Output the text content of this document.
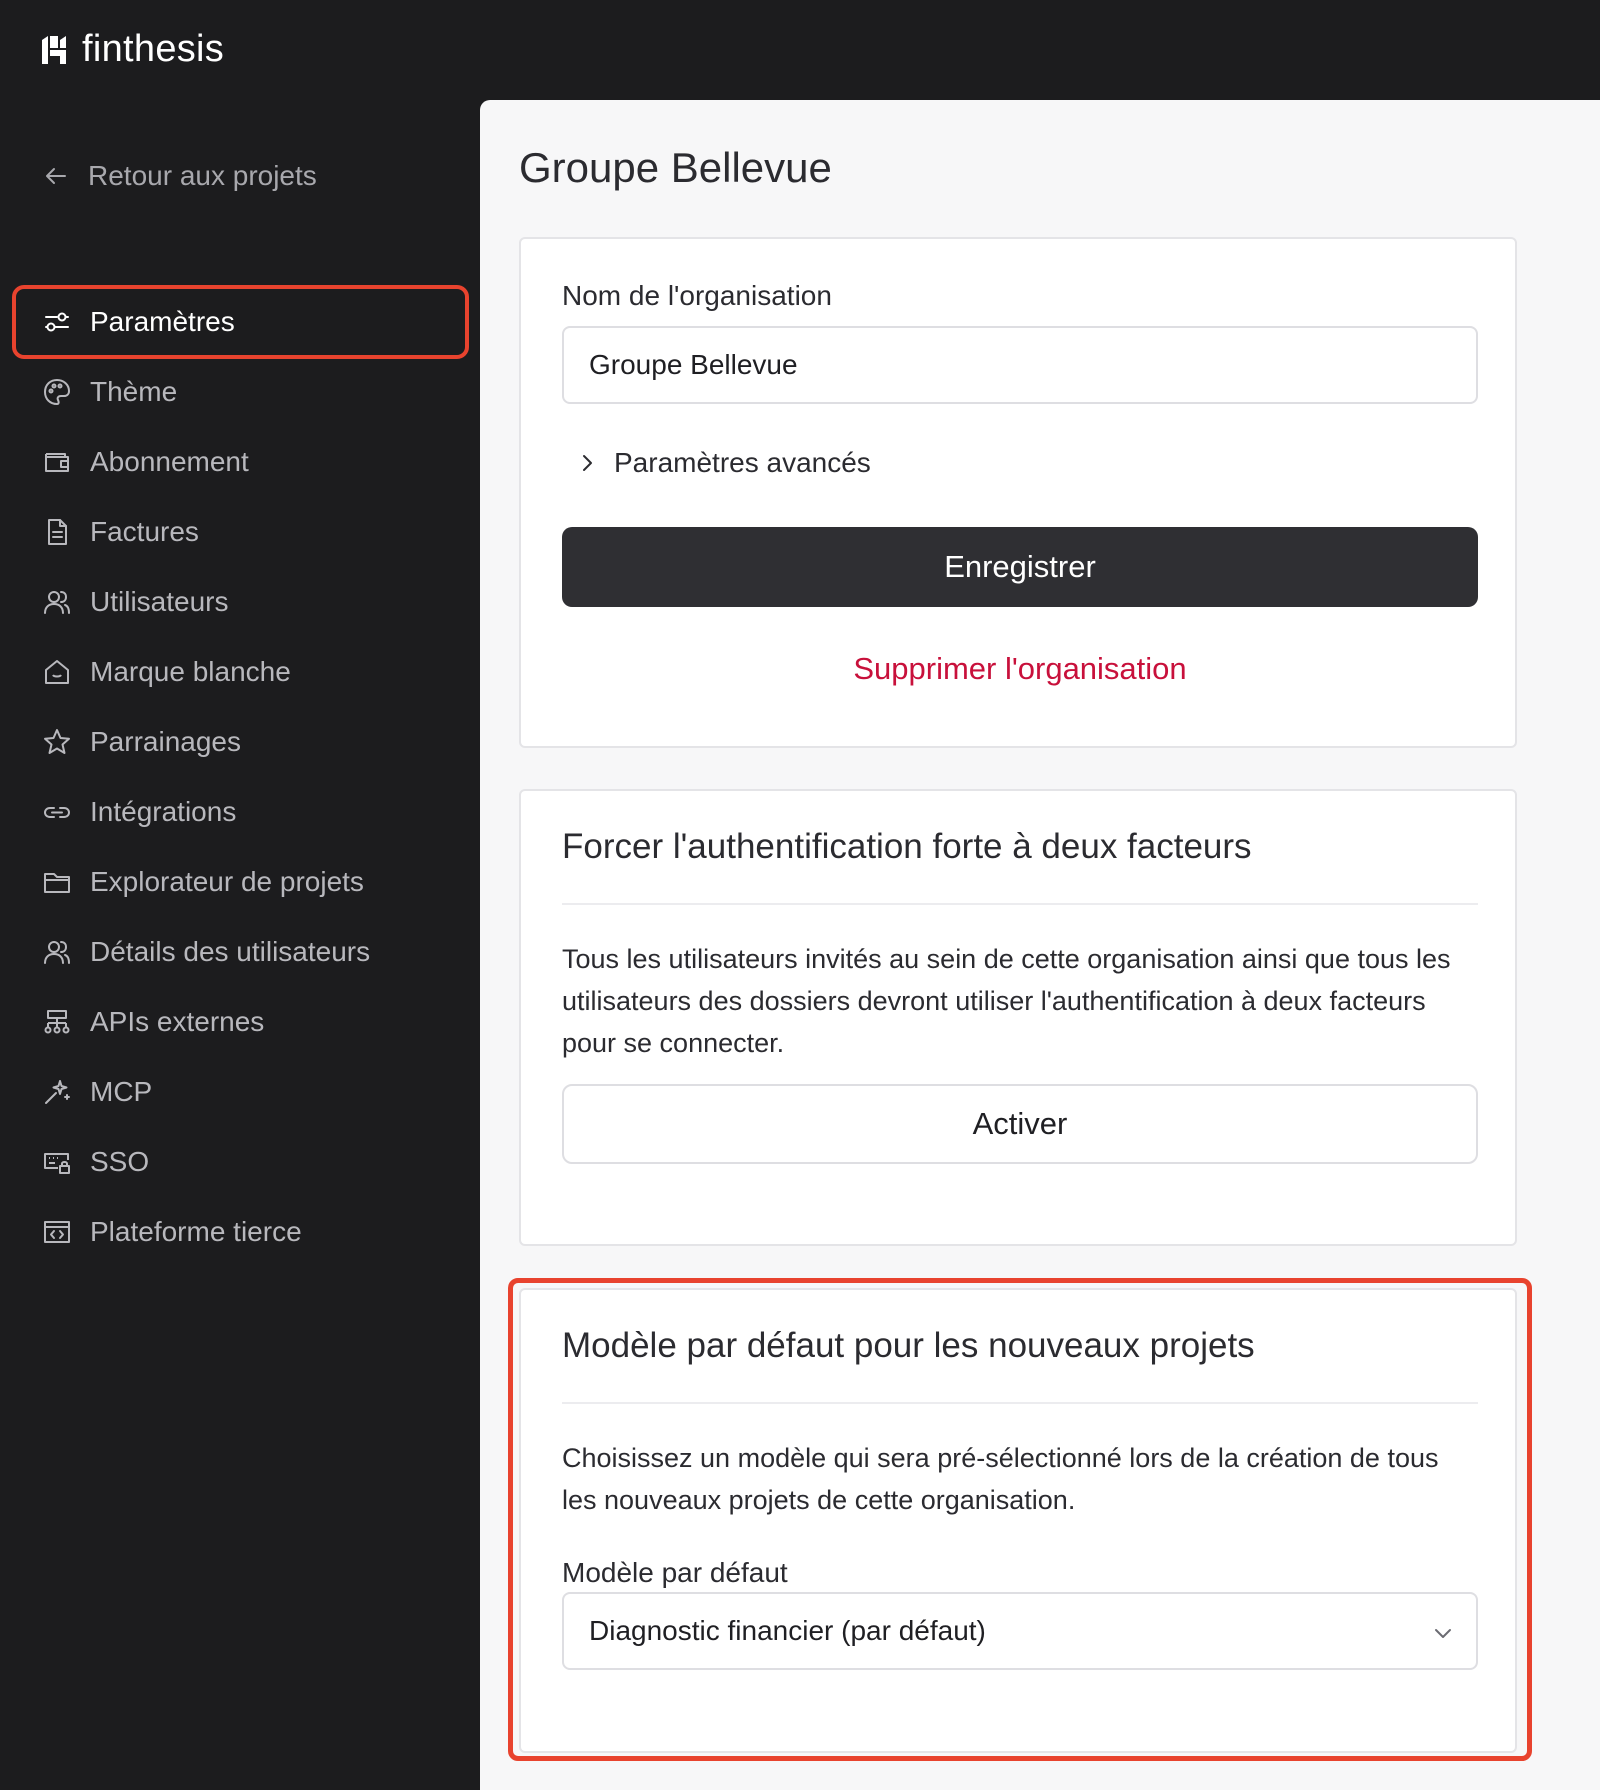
finthesis
Retour aux projets
Paramètres
Thème
Abonnement
Factures
Utilisateurs
Marque blanche
Parrainages
Intégrations
Explorateur de projets
Détails des utilisateurs
APIs externes
MCP
SSO
Plateforme tierce
Groupe Bellevue
Nom de l'organisation
Groupe Bellevue
Paramètres avancés
Enregistrer
Supprimer l'organisation
Forcer l'authentification forte à deux facteurs
Tous les utilisateurs invités au sein de cette organisation ainsi que tous les utilisateurs des dossiers devront utiliser l'authentification à deux facteurs pour se connecter.
Activer
Modèle par défaut pour les nouveaux projets
Choisissez un modèle qui sera pré-sélectionné lors de la création de tous les nouveaux projets de cette organisation.
Modèle par défaut
Diagnostic financier (par défaut)
